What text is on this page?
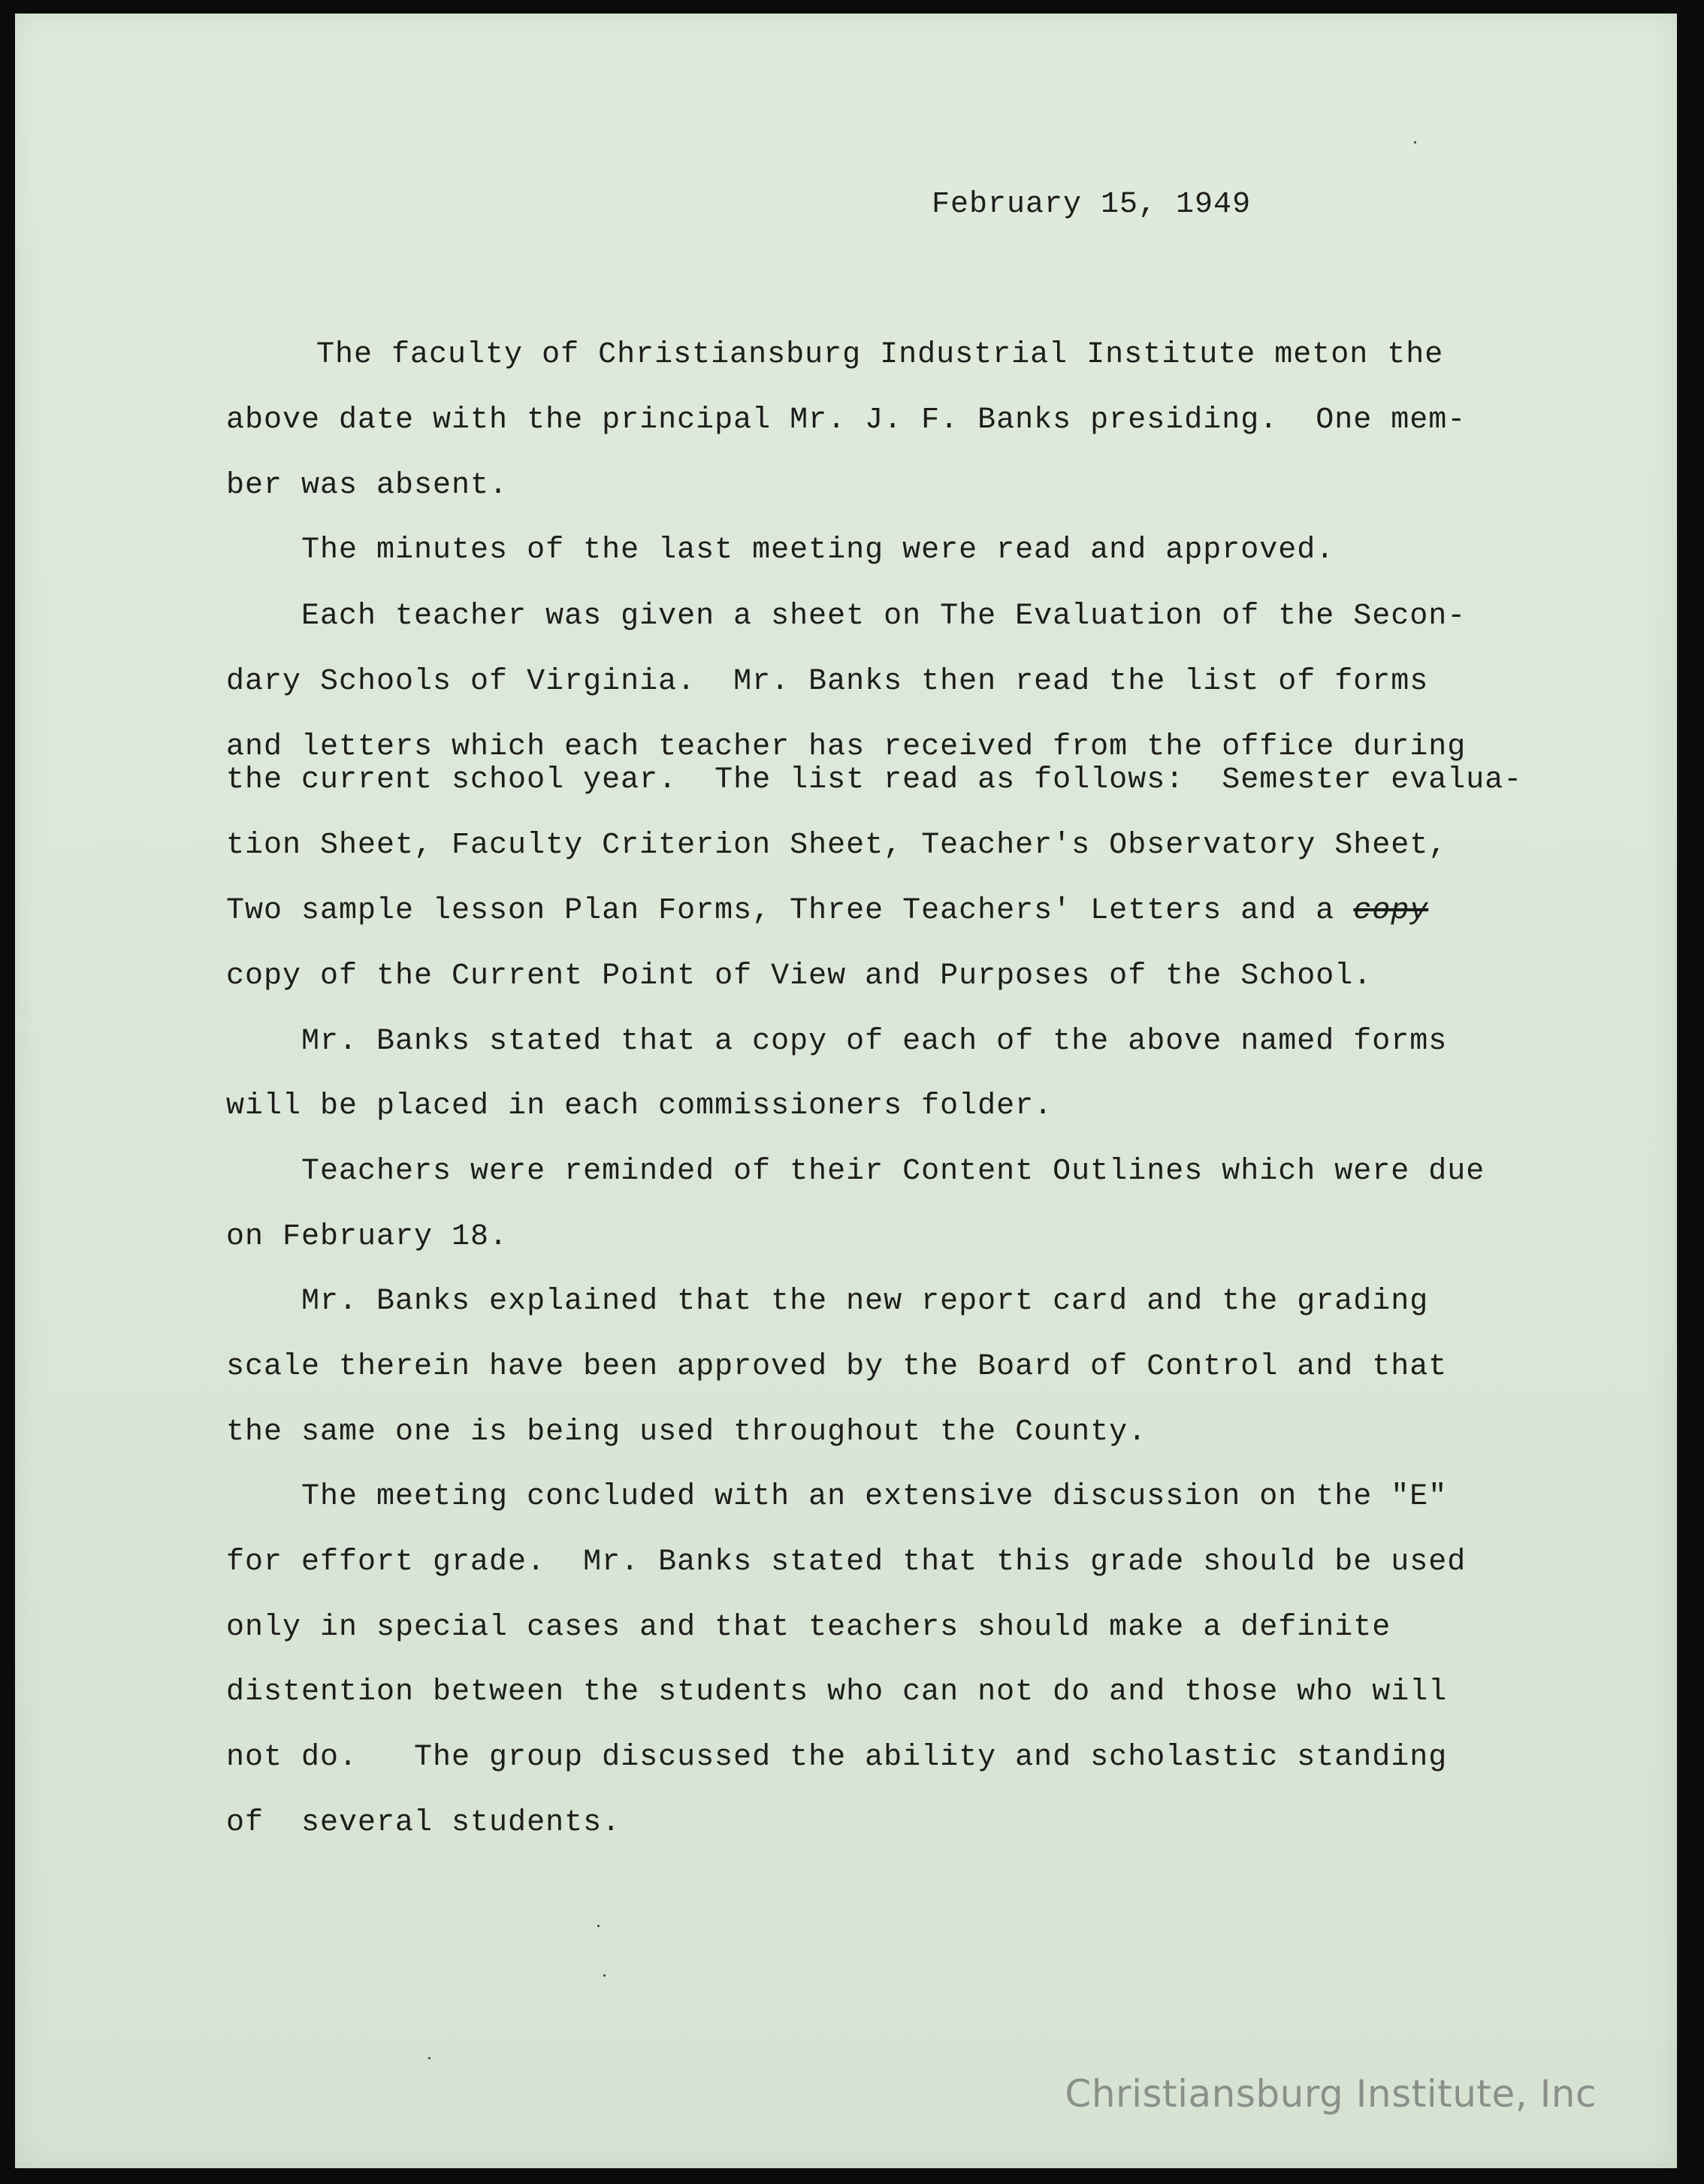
February 15, 1949
The faculty of Christiansburg Industrial Institute meton the
above date with the principal Mr. J. F. Banks presiding.  One mem-
ber was absent.
The minutes of the last meeting were read and approved.
Each teacher was given a sheet on The Evaluation of the Secon-
dary Schools of Virginia.  Mr. Banks then read the list of forms
and letters which each teacher has received from the office during
the current school year.  The list read as follows:  Semester evalua-
tion Sheet, Faculty Criterion Sheet, Teacher's Observatory Sheet,
Two sample lesson Plan Forms, Three Teachers' Letters and a copy
copy of the Current Point of View and Purposes of the School.
Mr. Banks stated that a copy of each of the above named forms
will be placed in each commissioners folder.
Teachers were reminded of their Content Outlines which were due
on February 18.
Mr. Banks explained that the new report card and the grading
scale therein have been approved by the Board of Control and that
the same one is being used throughout the County.
The meeting concluded with an extensive discussion on the "E"
for effort grade.  Mr. Banks stated that this grade should be used
only in special cases and that teachers should make a definite
distention between the students who can not do and those who will
not do.   The group discussed the ability and scholastic standing
of  several students.
Christiansburg Institute, Inc
